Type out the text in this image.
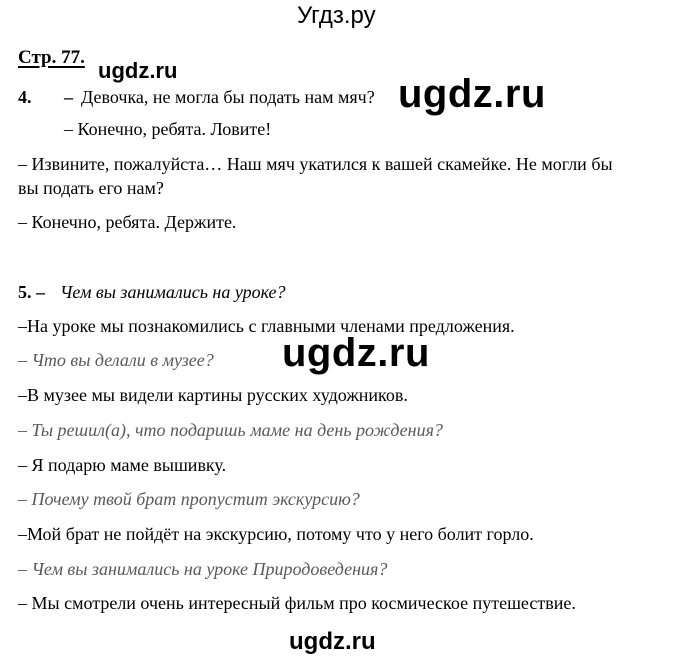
Угдз.ру
Стр. 77.
ugdz.ru
ugdz.ru
4. – Девочка, не могла бы подать нам мяч?
– Конечно, ребята. Ловите!
– Извините, пожалуйста… Наш мяч укатился к вашей скамейке. Не могли бы
вы подать его нам?
– Конечно, ребята. Держите.
5. – Чем вы занимались на уроке?
–На уроке мы познакомились с главными членами предложения.
– Что вы делали в музее? ugdz.ru
–В музее мы видели картины русских художников.
– Ты решил(а), что подаришь маме на день рождения?
– Я подарю маме вышивку.
– Почему твой брат пропустит экскурсию?
–Мой брат не пойдёт на экскурсию, потому что у него болит горло.
– Чем вы занимались на уроке Природоведения?
– Мы смотрели очень интересный фильм про космическое путешествие.
ugdz.ru
